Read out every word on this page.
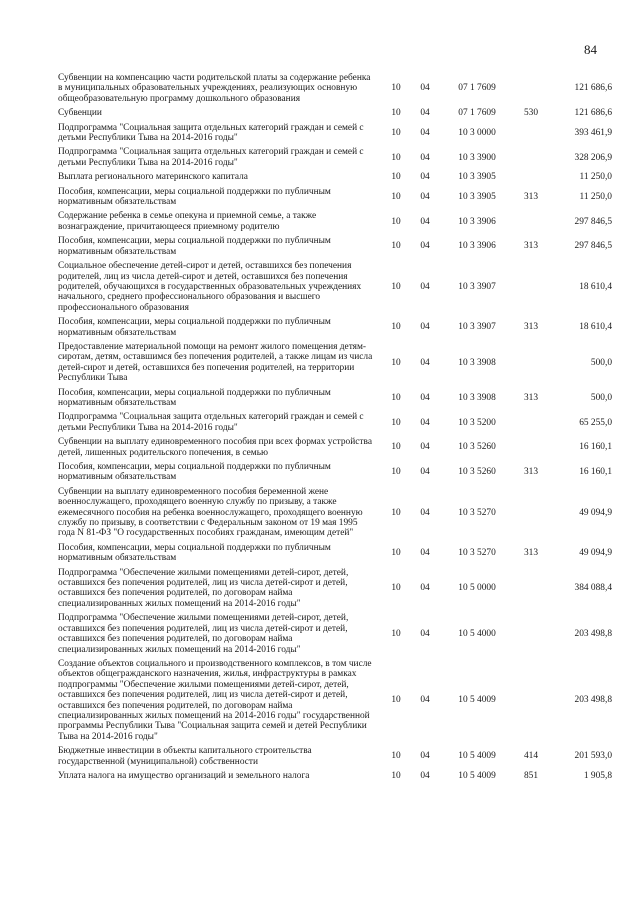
84
Субвенции на компенсацию части родительской платы за содержание ребенка в муниципальных образовательных учреждениях, реализующих основную общеобразовательную программу дошкольного образования	10	04	07 1 7609		121 686,6
Субвенции	10	04	07 1 7609	530	121 686,6
Подпрограмма "Социальная защита отдельных категорий граждан и семей с детьми Республики Тыва на 2014-2016 годы"	10	04	10 3 0000		393 461,9
Подпрограмма "Социальная защита отдельных категорий граждан и семей с детьми Республики Тыва на 2014-2016 годы"	10	04	10 3 3900		328 206,9
Выплата регионального материнского капитала	10	04	10 3 3905		11 250,0
Пособия, компенсации, меры социальной поддержки по публичным нормативным обязательствам	10	04	10 3 3905	313	11 250,0
Содержание ребенка в семье опекуна и приемной семье, а также вознаграждение, причитающееся приемному родителю	10	04	10 3 3906		297 846,5
Пособия, компенсации, меры социальной поддержки по публичным нормативным обязательствам	10	04	10 3 3906	313	297 846,5
Социальное обеспечение детей-сирот и детей, оставшихся без попечения родителей, лиц из числа детей-сирот и детей, оставшихся без попечения родителей, обучающихся в государственных образовательных учреждениях начального, среднего профессионального образования и высшего профессионального образования	10	04	10 3 3907		18 610,4
Пособия, компенсации, меры социальной поддержки по публичным нормативным обязательствам	10	04	10 3 3907	313	18 610,4
Предоставление материальной помощи на ремонт жилого помещения детям-сиротам, детям, оставшимся без попечения родителей, а также лицам из числа детей-сирот и детей, оставшихся без попечения родителей, на территории Республики Тыва	10	04	10 3 3908		500,0
Пособия, компенсации, меры социальной поддержки по публичным нормативным обязательствам	10	04	10 3 3908	313	500,0
Подпрограмма "Социальная защита отдельных категорий граждан и семей с детьми Республики Тыва на 2014-2016 годы"	10	04	10 3 5200		65 255,0
Субвенции на выплату единовременного пособия при всех формах устройства детей, лишенных родительского попечения, в семью	10	04	10 3 5260		16 160,1
Пособия, компенсации, меры социальной поддержки по публичным нормативным обязательствам	10	04	10 3 5260	313	16 160,1
Субвенции на выплату единовременного пособия беременной жене военнослужащего, проходящего военную службу по призыву, а также ежемесячного пособия на ребенка военнослужащего, проходящего военную службу по призыву, в соответствии с Федеральным законом от 19 мая 1995 года N 81-ФЗ "О государственных пособиях гражданам, имеющим детей"	10	04	10 3 5270		49 094,9
Пособия, компенсации, меры социальной поддержки по публичным нормативным обязательствам	10	04	10 3 5270	313	49 094,9
Подпрограмма "Обеспечение жилыми помещениями детей-сирот, детей, оставшихся без попечения родителей, лиц из числа детей-сирот и детей, оставшихся без попечения родителей, по договорам найма специализированных жилых помещений на 2014-2016 годы"	10	04	10 5 0000		384 088,4
Подпрограмма "Обеспечение жилыми помещениями детей-сирот, детей, оставшихся без попечения родителей, лиц из числа детей-сирот и детей, оставшихся без попечения родителей, по договорам найма специализированных жилых помещений на 2014-2016 годы"	10	04	10 5 4000		203 498,8
Создание объектов социального и производственного комплексов, в том числе объектов общегражданского назначения, жилья, инфраструктуры в рамках подпрограммы "Обеспечение жилыми помещениями детей-сирот, детей, оставшихся без попечения родителей, лиц из числа детей-сирот и детей, оставшихся без попечения родителей, по договорам найма специализированных жилых помещений на 2014-2016 годы" государственной программы Республики Тыва "Социальная защита семей и детей Республики Тыва на 2014-2016 годы"	10	04	10 5 4009		203 498,8
Бюджетные инвестиции в объекты капитального строительства государственной (муниципальной) собственности	10	04	10 5 4009	414	201 593,0
Уплата налога на имущество организаций и земельного налога	10	04	10 5 4009	851	1 905,8
